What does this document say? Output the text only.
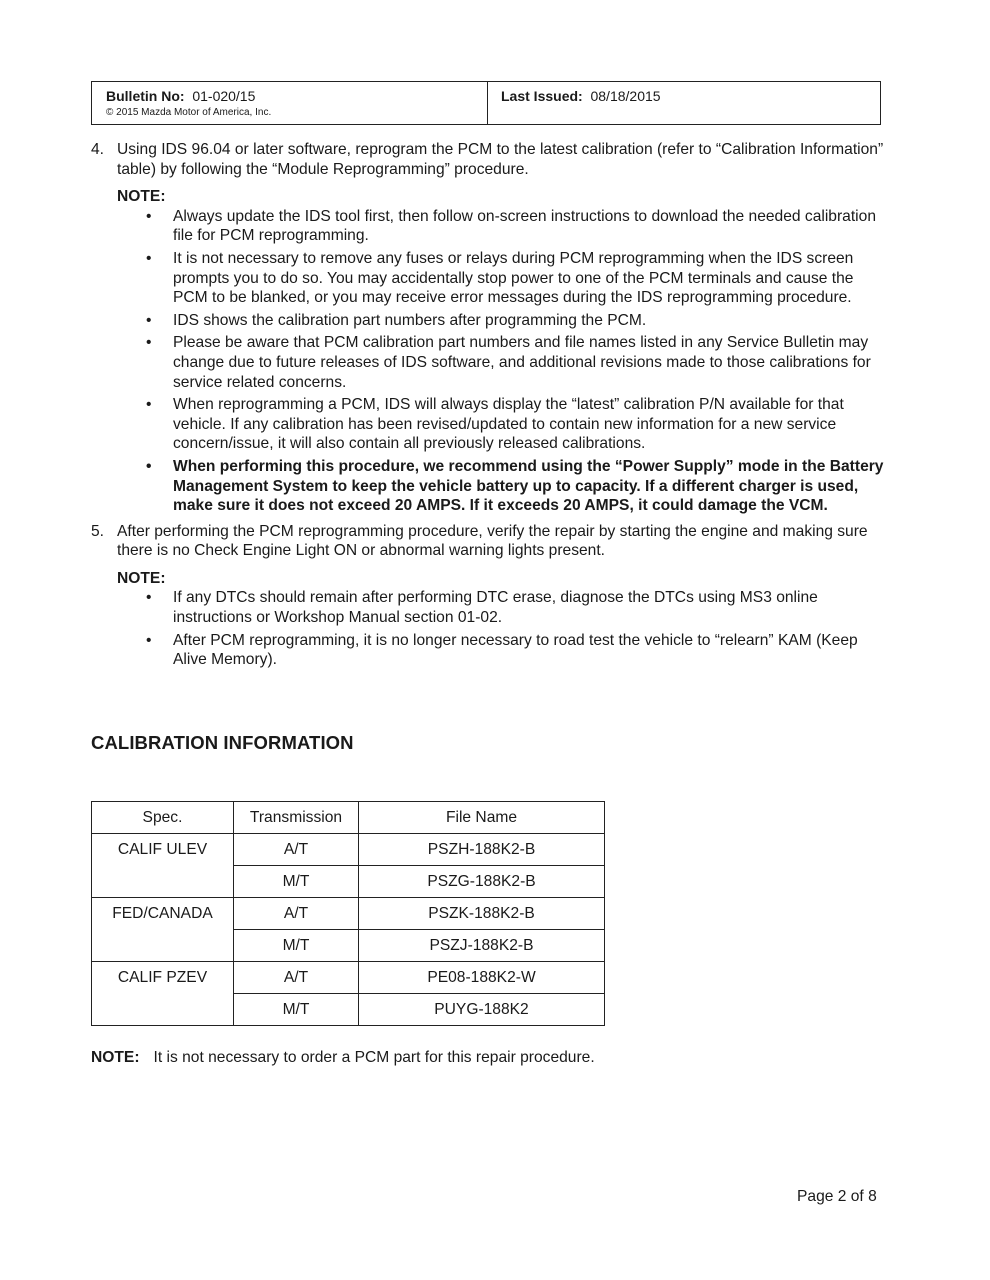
Bulletin No: 01-020/15
© 2015 Mazda Motor of America, Inc.
Last Issued: 08/18/2015
4. Using IDS 96.04 or later software, reprogram the PCM to the latest calibration (refer to “Calibration Information” table) by following the “Module Reprogramming” procedure.
NOTE:
• Always update the IDS tool first, then follow on-screen instructions to download the needed calibration file for PCM reprogramming.
• It is not necessary to remove any fuses or relays during PCM reprogramming when the IDS screen prompts you to do so. You may accidentally stop power to one of the PCM terminals and cause the PCM to be blanked, or you may receive error messages during the IDS reprogramming procedure.
• IDS shows the calibration part numbers after programming the PCM.
• Please be aware that PCM calibration part numbers and file names listed in any Service Bulletin may change due to future releases of IDS software, and additional revisions made to those calibrations for service related concerns.
• When reprogramming a PCM, IDS will always display the “latest” calibration P/N available for that vehicle. If any calibration has been revised/updated to contain new information for a new service concern/issue, it will also contain all previously released calibrations.
• When performing this procedure, we recommend using the “Power Supply” mode in the Battery Management System to keep the vehicle battery up to capacity. If a different charger is used, make sure it does not exceed 20 AMPS. If it exceeds 20 AMPS, it could damage the VCM.
5. After performing the PCM reprogramming procedure, verify the repair by starting the engine and making sure there is no Check Engine Light ON or abnormal warning lights present.
NOTE:
• If any DTCs should remain after performing DTC erase, diagnose the DTCs using MS3 online instructions or Workshop Manual section 01-02.
• After PCM reprogramming, it is no longer necessary to road test the vehicle to “relearn” KAM (Keep Alive Memory).
CALIBRATION INFORMATION
Spec.	Transmission	File Name
CALIF ULEV	A/T	PSZH-188K2-B
	M/T	PSZG-188K2-B
FED/CANADA	A/T	PSZK-188K2-B
	M/T	PSZJ-188K2-B
CALIF PZEV	A/T	PE08-188K2-W
	M/T	PUYG-188K2
NOTE: It is not necessary to order a PCM part for this repair procedure.
Page 2 of 8
